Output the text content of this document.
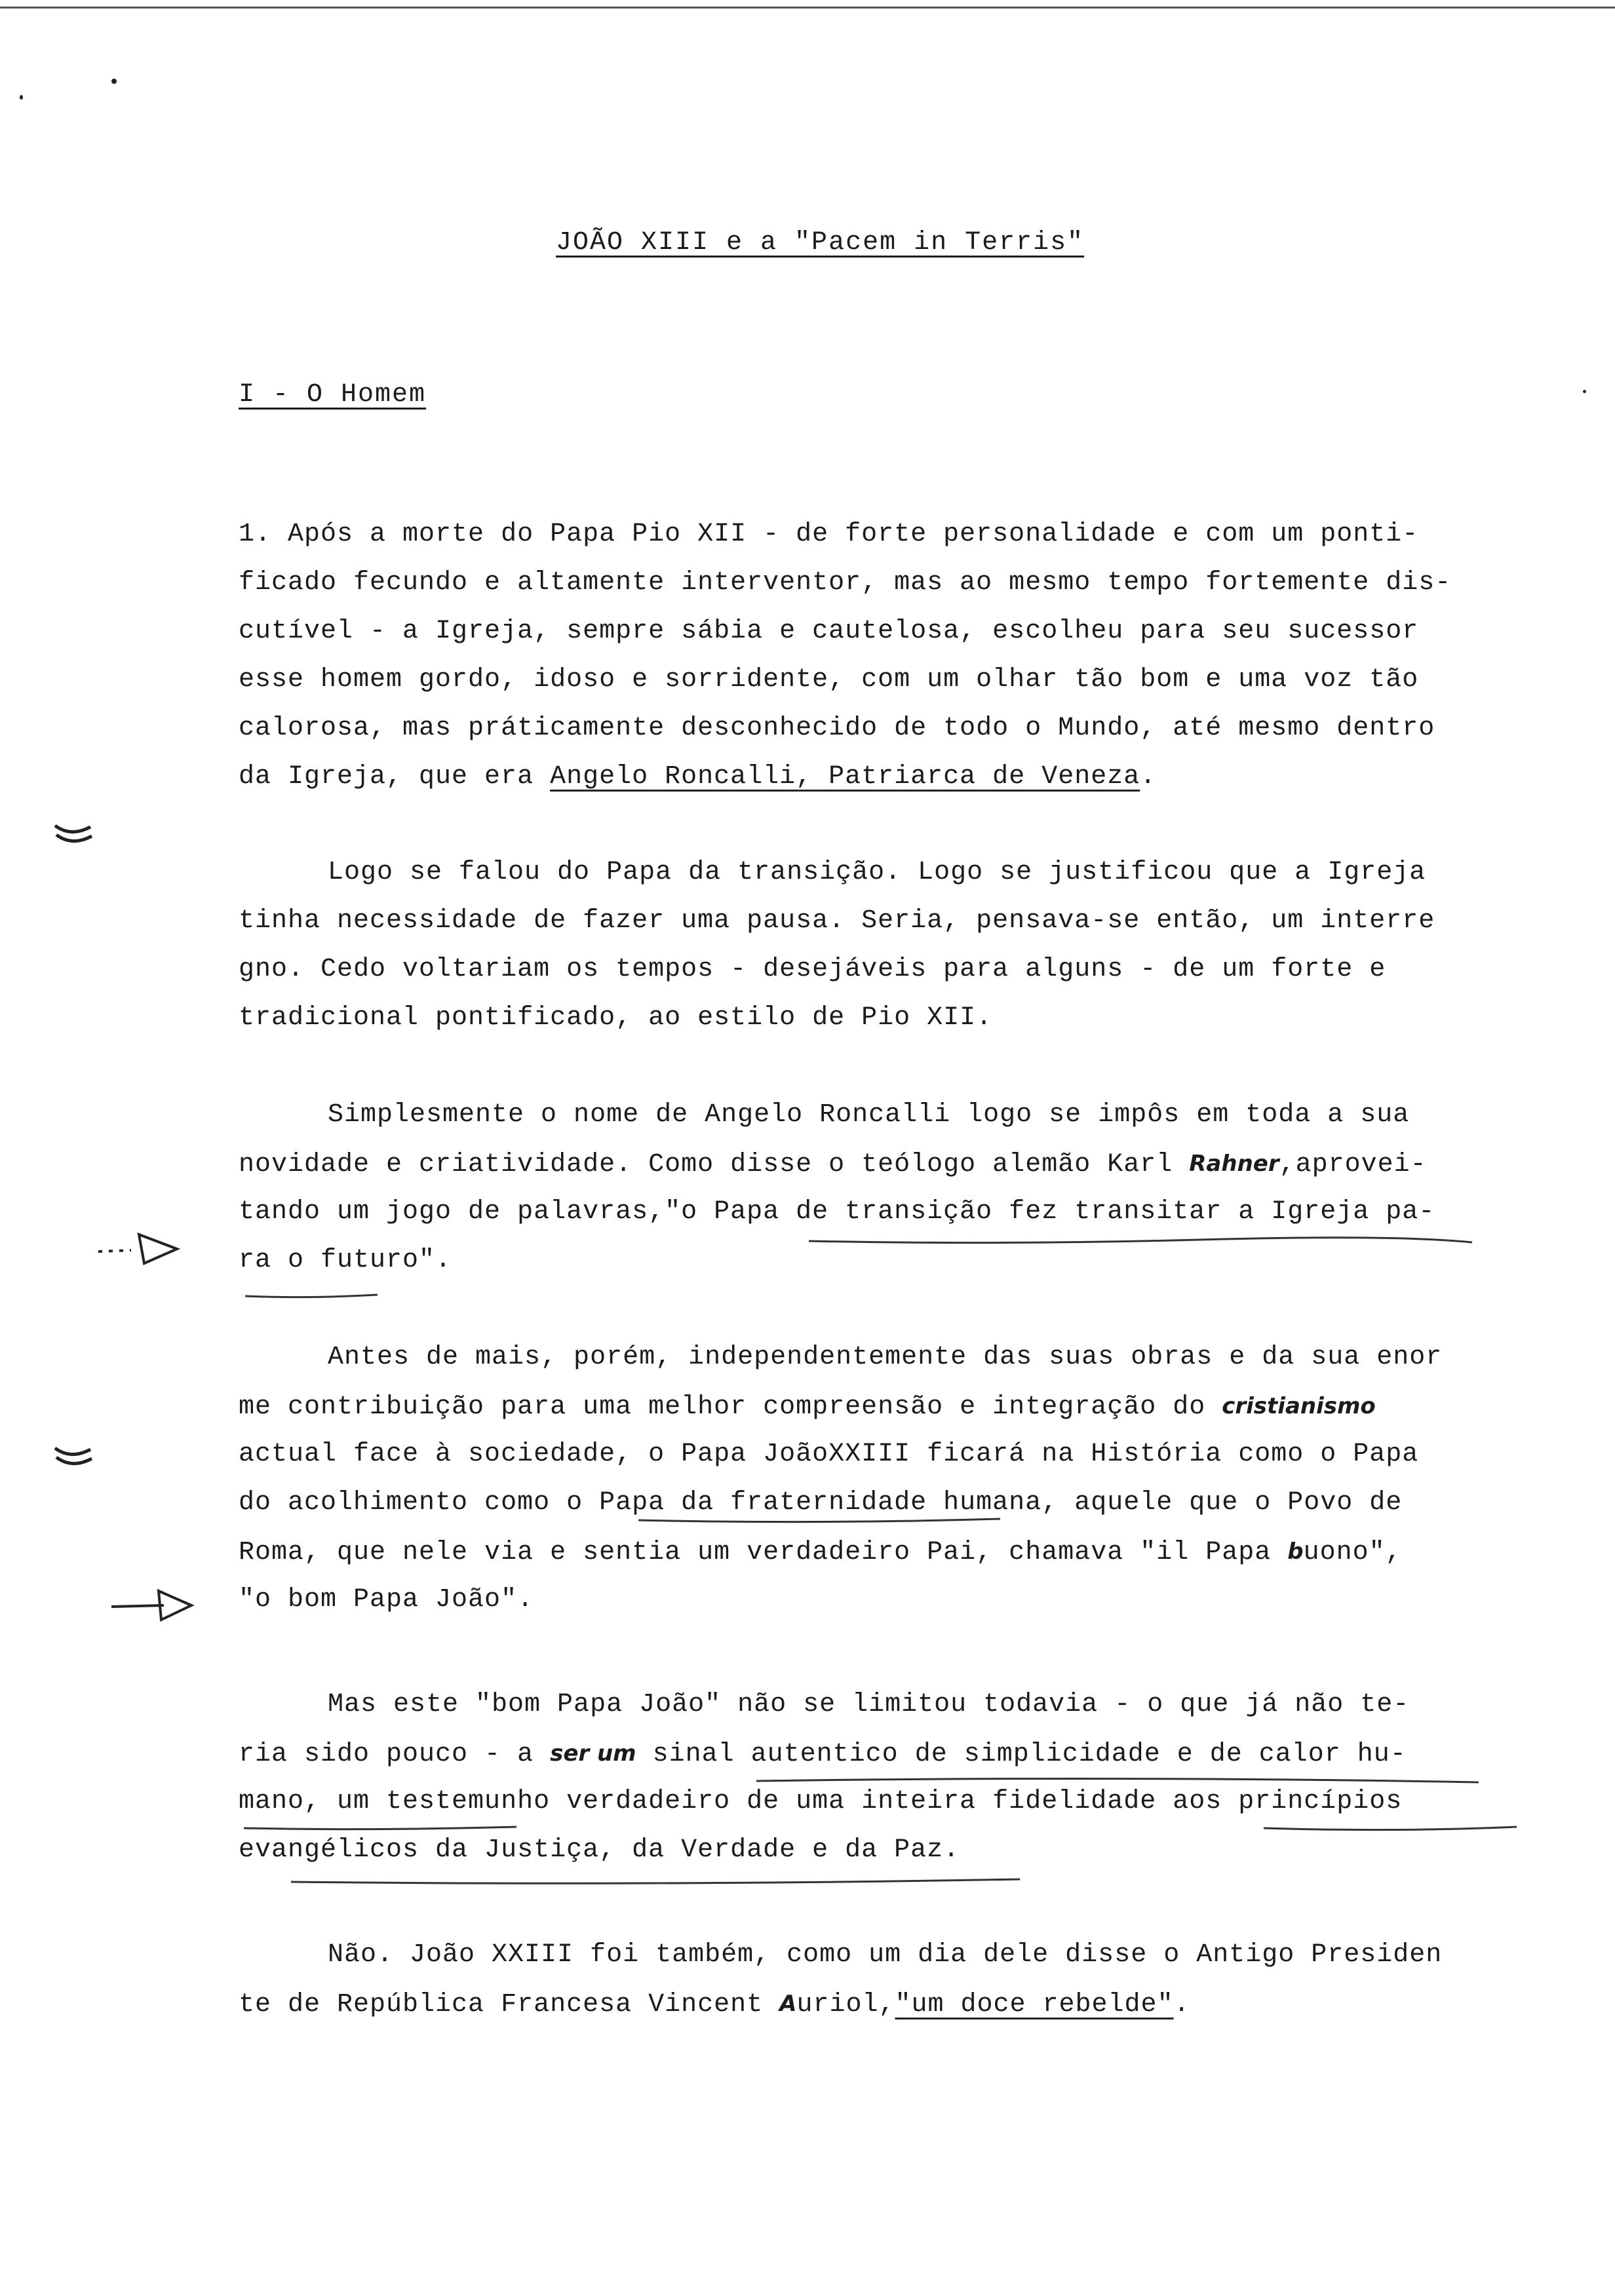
JOÃO XIII e a "Pacem in Terris"
I - O Homem
1. Após a morte do Papa Pio XII - de forte personalidade e com um ponti-
ficado fecundo e altamente interventor, mas ao mesmo tempo fortemente dis-
cutível - a Igreja, sempre sábia e cautelosa, escolheu para seu sucessor
esse homem gordo, idoso e sorridente, com um olhar tão bom e uma voz tão
calorosa, mas práticamente desconhecido de todo o Mundo, até mesmo dentro
da Igreja, que era Angelo Roncalli, Patriarca de Veneza.
Logo se falou do Papa da transição. Logo se justificou que a Igreja
tinha necessidade de fazer uma pausa. Seria, pensava-se então, um interre
gno. Cedo voltariam os tempos - desejáveis para alguns - de um forte e
tradicional pontificado, ao estilo de Pio XII.
Simplesmente o nome de Angelo Roncalli logo se impôs em toda a sua
novidade e criatividade. Como disse o teólogo alemão Karl Rahner,aprovei-
tando um jogo de palavras,"o Papa de transição fez transitar a Igreja pa-
ra o futuro".
Antes de mais, porém, independentemente das suas obras e da sua enor
me contribuição para uma melhor compreensão e integração do cristianismo
actual face à sociedade, o Papa JoãoXXIII ficará na História como o Papa
do acolhimento como o Papa da fraternidade humana, aquele que o Povo de
Roma, que nele via e sentia um verdadeiro Pai, chamava "il Papa buono",
"o bom Papa João".
Mas este "bom Papa João" não se limitou todavia - o que já não te-
ria sido pouco - a ser um sinal autentico de simplicidade e de calor hu-
mano, um testemunho verdadeiro de uma inteira fidelidade aos princípios
evangélicos da Justiça, da Verdade e da Paz.
Não. João XXIII foi também, como um dia dele disse o Antigo Presiden
te de República Francesa Vincent Auriol,"um doce rebelde".
